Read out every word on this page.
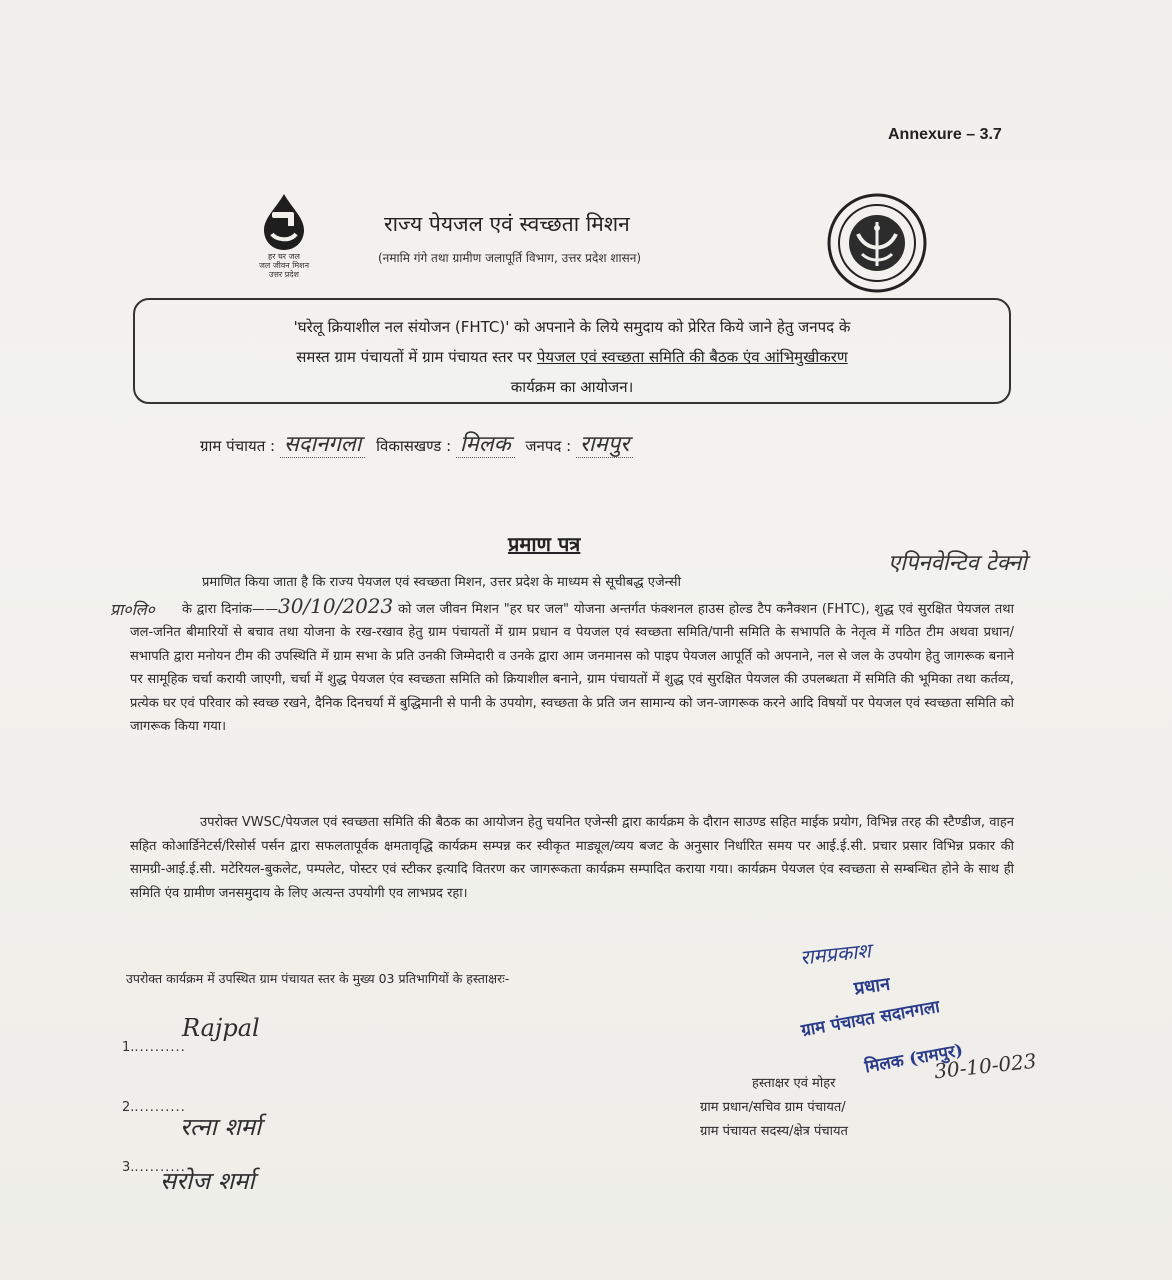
Annexure – 3.7
हर घर जल
जल जीवन मिशन
उत्तर प्रदेश
राज्य पेयजल एवं स्वच्छता मिशन
(नमामि गंगे तथा ग्रामीण जलापूर्ति विभाग, उत्तर प्रदेश शासन)
'घरेलू क्रियाशील नल संयोजन (FHTC)' को अपनाने के लिये समुदाय को प्रेरित किये जाने हेतु जनपद के
समस्त ग्राम पंचायतों में ग्राम पंचायत स्तर पर पेयजल एवं स्वच्छता समिति की बैठक एंव आंभिमुखीकरण
कार्यक्रम का आयोजन।
ग्राम पंचायत : सदानगला विकासखण्ड : मिलक जनपद : रामपुर
प्रमाण पत्र
एपिनवेन्टिव टेक्नो
प्रा०लि०

प्रमाणित किया जाता है कि राज्य पेयजल एवं स्वच्छता मिशन, उत्तर प्रदेश के माध्यम से सूचीबद्ध एजेन्सी
के द्वारा दिनांक——30/10/2023 को जल जीवन मिशन "हर घर जल" योजना अन्तर्गत फंक्शनल हाउस होल्ड टैप कनैक्शन (FHTC), शुद्ध एवं सुरक्षित पेयजल तथा जल-जनित बीमारियों से बचाव तथा योजना के रख-रखाव हेतु ग्राम पंचायतों में ग्राम प्रधान व पेयजल एवं स्वच्छता समिति/पानी समिति के सभापति के नेतृत्व में गठित टीम अथवा प्रधान/सभापति द्वारा मनोयन टीम की उपस्थिति में ग्राम सभा के प्रति उनकी जिम्मेदारी व उनके द्वारा आम जनमानस को पाइप पेयजल आपूर्ति को अपनाने, नल से जल के उपयोग हेतु जागरूक बनाने पर सामूहिक चर्चा करायी जाएगी, चर्चा में शुद्ध पेयजल एंव स्वच्छता समिति को क्रियाशील बनाने, ग्राम पंचायतों में शुद्ध एवं सुरक्षित पेयजल की उपलब्धता में समिति की भूमिका तथा कर्तव्य, प्रत्येक घर एवं परिवार को स्वच्छ रखने, दैनिक दिनचर्या में बुद्धिमानी से पानी के उपयोग, स्वच्छता के प्रति जन सामान्य को जन-जागरूक करने आदि विषयों पर पेयजल एवं स्वच्छता समिति को जागरूक किया गया।

उपरोक्त VWSC/पेयजल एवं स्वच्छता समिति की बैठक का आयोजन हेतु चयनित एजेन्सी द्वारा कार्यक्रम के दौरान साउण्ड सहित माईक प्रयोग, विभिन्न तरह की स्टैण्डीज, वाहन सहित कोआर्डिनेटर्स/रिसोर्स पर्सन द्वारा सफलतापूर्वक क्षमतावृद्धि कार्यक्रम सम्पन्न कर स्वीकृत माड्यूल/व्यय बजट के अनुसार निर्धारित समय पर आई.ई.सी. प्रचार प्रसार विभिन्न प्रकार की सामग्री-आई.ई.सी. मटेरियल-बुकलेट, पम्पलेट, पोस्टर एवं स्टीकर इत्यादि वितरण कर जागरूकता कार्यक्रम सम्पादित कराया गया। कार्यक्रम पेयजल एंव स्वच्छता से सम्बन्धित होने के साथ ही समिति एंव ग्रामीण जनसमुदाय के लिए अत्यन्त उपयोगी एव लाभप्रद रहा।

उपरोक्त कार्यक्रम में उपस्थित ग्राम पंचायत स्तर के मुख्य 03 प्रतिभागियों के हस्ताक्षरः-
1...........
Rajpal
2...........
रत्ना शर्मा
3...........
सरोज शर्मा
रामप्रकाश
प्रधान
ग्राम पंचायत सदानगला
मिलक (रामपुर)
30-10-023
हस्ताक्षर एवं मोहर
ग्राम प्रधान/सचिव ग्राम पंचायत/
ग्राम पंचायत सदस्य/क्षेत्र पंचायत
